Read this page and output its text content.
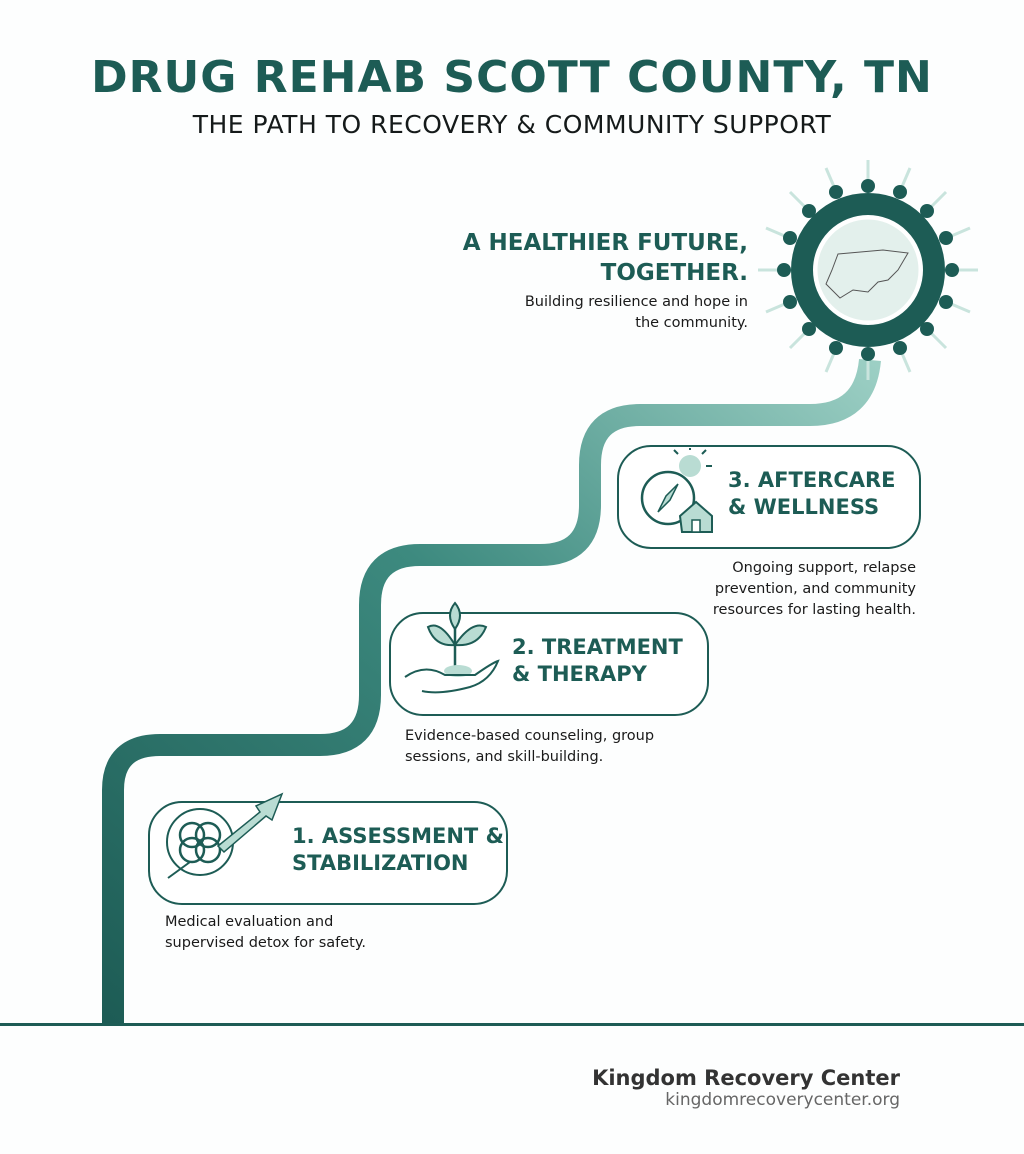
DRUG REHAB SCOTT COUNTY, TN
THE PATH TO RECOVERY & COMMUNITY SUPPORT
A HEALTHIER FUTURE,
TOGETHER.
Building resilience and hope in
the community.
3. AFTERCARE
& WELLNESS
Ongoing support, relapse
prevention, and community
resources for lasting health.
2. TREATMENT
& THERAPY
Evidence-based counseling, group
sessions, and skill-building.
1. ASSESSMENT &
STABILIZATION
Medical evaluation and
supervised detox for safety.
Kingdom Recovery Center
kingdomrecoverycenter.org
